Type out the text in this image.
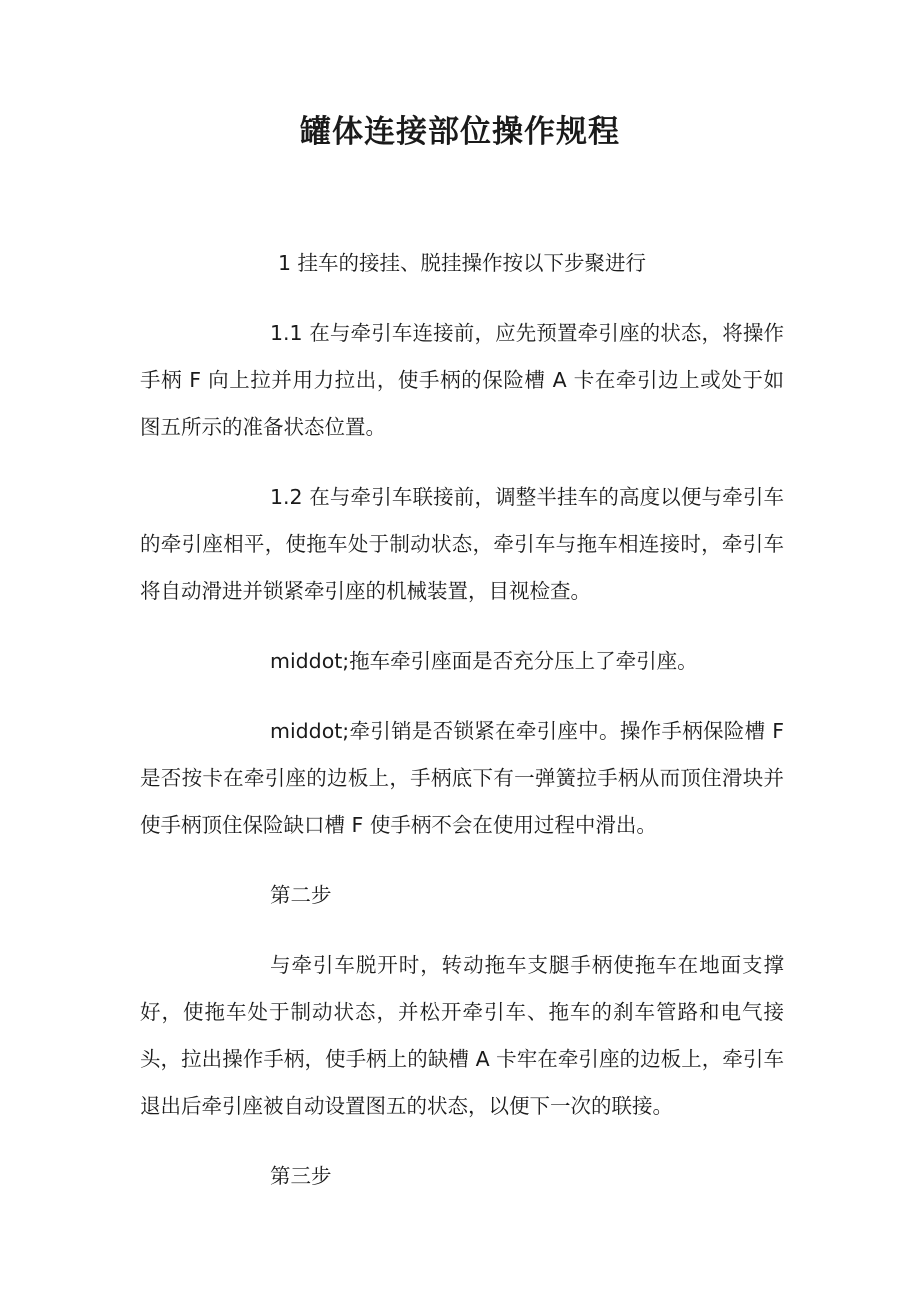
罐体连接部位操作规程

1 挂车的接挂、脱挂操作按以下步聚进行

1.1 在与牵引车连接前，应先预置牵引座的状态，将操作手柄 F 向上拉并用力拉出，使手柄的保险槽 A 卡在牵引边上或处于如图五所示的准备状态位置。

1.2 在与牵引车联接前，调整半挂车的高度以便与牵引车的牵引座相平，使拖车处于制动状态，牵引车与拖车相连接时，牵引车将自动滑进并锁紧牵引座的机械装置，目视检查。

middot;拖车牵引座面是否充分压上了牵引座。

middot;牵引销是否锁紧在牵引座中。操作手柄保险槽 F 是否按卡在牵引座的边板上，手柄底下有一弹簧拉手柄从而顶住滑块并使手柄顶住保险缺口槽 F 使手柄不会在使用过程中滑出。

第二步

与牵引车脱开时，转动拖车支腿手柄使拖车在地面支撑好，使拖车处于制动状态，并松开牵引车、拖车的刹车管路和电气接头，拉出操作手柄，使手柄上的缺槽 A 卡牢在牵引座的边板上，牵引车退出后牵引座被自动设置图五的状态，以便下一次的联接。

第三步
